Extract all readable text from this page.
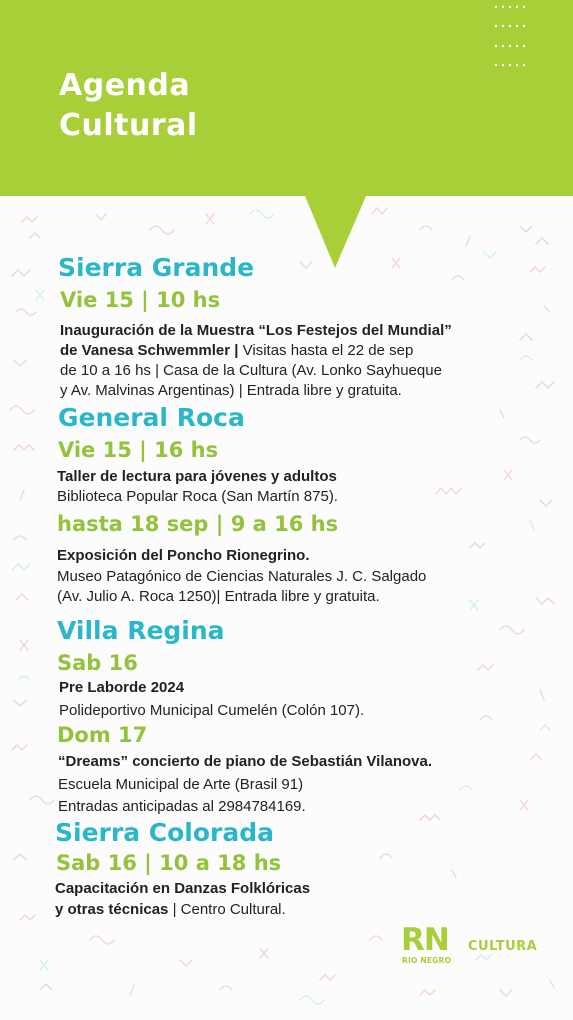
Agenda
Cultural
Sierra Grande
Vie 15 | 10 hs

Inauguración de la Muestra “Los Festejos del Mundial”

de Vanesa Schwemmler | Visitas hasta el 22 de sep

de 10 a 16 hs | Casa de la Cultura (Av. Lonko Sayhueque

y Av. Malvinas Argentinas) | Entrada libre y gratuita.

General Roca
Vie 15 | 16 hs

Taller de lectura para jóvenes y adultos

Biblioteca Popular Roca (San Martín 875).

hasta 18 sep | 9 a 16 hs

Exposición del Poncho Rionegrino.

Museo Patagónico de Ciencias Naturales J. C. Salgado

(Av. Julio A. Roca 1250)| Entrada libre y gratuita.

Villa Regina
Sab 16

Pre Laborde 2024

Polideportivo Municipal Cumelén (Colón 107).

Dom 17

“Dreams” concierto de piano de Sebastián Vilanova.

Escuela Municipal de Arte (Brasil 91)

Entradas anticipadas al 2984784169.

Sierra Colorada
Sab 16 | 10 a 18 hs

Capacitación en Danzas Folklóricas

y otras técnicas | Centro Cultural.

RN
RIO NEGRO
CULTURA
